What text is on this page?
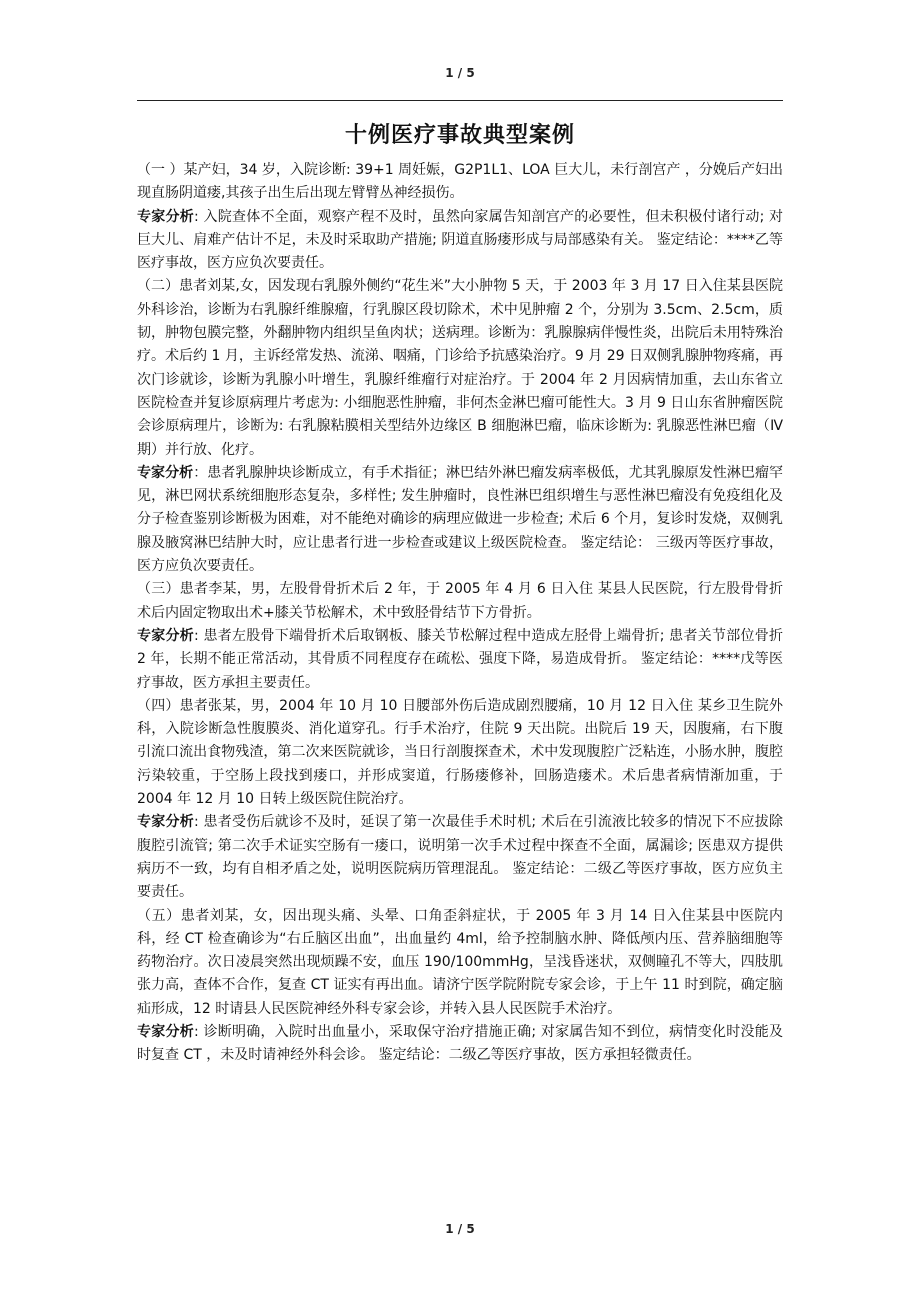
1 / 5
十例医疗事故典型案例

（一 ）某产妇，34 岁，入院诊断: 39+1 周妊娠，G2P1L1、LOA 巨大儿，未行剖宫产 ，分娩后产妇出现直肠阴道瘘,其孩子出生后出现左臂臂丛神经损伤。

专家分析: 入院查体不全面，观察产程不及时，虽然向家属告知剖宫产的必要性，但未积极付诸行动; 对巨大儿、肩难产估计不足，未及时采取助产措施; 阴道直肠瘘形成与局部感染有关。 鉴定结论：****乙等医疗事故，医方应负次要责任。

（二）患者刘某,女，因发现右乳腺外侧约“花生米”大小肿物 5 天，于 2003 年 3 月 17 日入住某县医院外科诊治，诊断为右乳腺纤维腺瘤，行乳腺区段切除术，术中见肿瘤 2 个，分别为 3.5cm、2.5cm，质韧，肿物包膜完整，外翻肿物内组织呈鱼肉状；送病理。诊断为：乳腺腺病伴慢性炎，出院后未用特殊治疗。术后约 1 月，主诉经常发热、流涕、咽痛，门诊给予抗感染治疗。9 月 29 日双侧乳腺肿物疼痛，再次门诊就诊，诊断为乳腺小叶增生，乳腺纤维瘤行对症治疗。于 2004 年 2 月因病情加重，去山东省立医院检查并复诊原病理片考虑为: 小细胞恶性肿瘤，非何杰金淋巴瘤可能性大。3 月 9 日山东省肿瘤医院会诊原病理片，诊断为: 右乳腺粘膜相关型结外边缘区 B 细胞淋巴瘤，临床诊断为: 乳腺恶性淋巴瘤（Ⅳ期）并行放、化疗。

专家分析：患者乳腺肿块诊断成立，有手术指征；淋巴结外淋巴瘤发病率极低，尤其乳腺原发性淋巴瘤罕见，淋巴网状系统细胞形态复杂，多样性; 发生肿瘤时，良性淋巴组织增生与恶性淋巴瘤没有免疫组化及分子检查鉴别诊断极为困难，对不能绝对确诊的病理应做进一步检查; 术后 6 个月，复诊时发烧，双侧乳腺及腋窝淋巴结肿大时，应让患者行进一步检查或建议上级医院检查。 鉴定结论： 三级丙等医疗事故，医方应负次要责任。

（三）患者李某，男，左股骨骨折术后 2 年，于 2005 年 4 月 6 日入住 某县人民医院，行左股骨骨折术后内固定物取出术+膝关节松解术，术中致胫骨结节下方骨折。

专家分析: 患者左股骨下端骨折术后取钢板、膝关节松解过程中造成左胫骨上端骨折; 患者关节部位骨折 2 年，长期不能正常活动，其骨质不同程度存在疏松、强度下降，易造成骨折。 鉴定结论：****戊等医疗事故，医方承担主要责任。

（四）患者张某，男，2004 年 10 月 10 日腰部外伤后造成剧烈腰痛，10 月 12 日入住 某乡卫生院外科，入院诊断急性腹膜炎、消化道穿孔。行手术治疗，住院 9 天出院。出院后 19 天，因腹痛，右下腹引流口流出食物残渣，第二次来医院就诊，当日行剖腹探查术，术中发现腹腔广泛粘连，小肠水肿，腹腔污染较重，于空肠上段找到瘘口，并形成窦道，行肠瘘修补，回肠造瘘术。术后患者病情渐加重，于 2004 年 12 月 10 日转上级医院住院治疗。

专家分析: 患者受伤后就诊不及时，延误了第一次最佳手术时机; 术后在引流液比较多的情况下不应拔除腹腔引流管; 第二次手术证实空肠有一瘘口，说明第一次手术过程中探查不全面，属漏诊; 医患双方提供病历不一致，均有自相矛盾之处，说明医院病历管理混乱。 鉴定结论：二级乙等医疗事故，医方应负主要责任。

（五）患者刘某，女，因出现头痛、头晕、口角歪斜症状，于 2005 年 3 月 14 日入住某县中医院内科，经 CT 检查确诊为“右丘脑区出血”，出血量约 4ml，给予控制脑水肿、降低颅内压、营养脑细胞等药物治疗。次日凌晨突然出现烦躁不安，血压 190/100mmHg，呈浅昏迷状，双侧瞳孔不等大，四肢肌张力高，查体不合作，复查 CT 证实有再出血。请济宁医学院附院专家会诊，于上午 11 时到院，确定脑疝形成，12 时请县人民医院神经外科专家会诊，并转入县人民医院手术治疗。

专家分析: 诊断明确，入院时出血量小，采取保守治疗措施正确; 对家属告知不到位，病情变化时没能及时复查 CT ，未及时请神经外科会诊。 鉴定结论：二级乙等医疗事故，医方承担轻微责任。

1 / 5
